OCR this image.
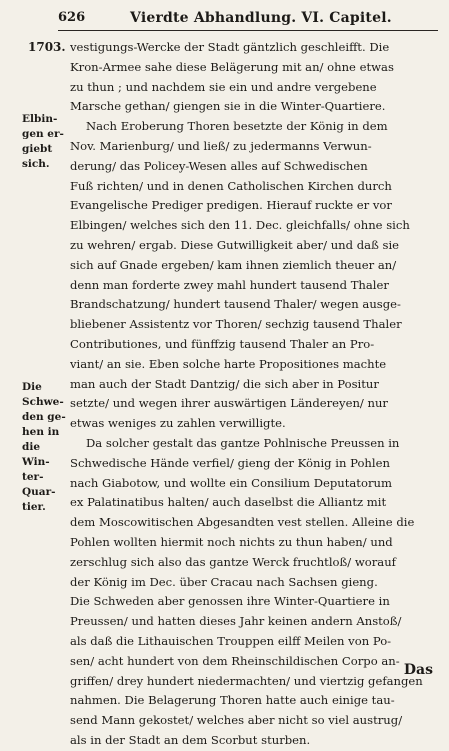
626	Vierdte Abhandlung. VI. Capitel.
1703.
Elbin-
gen er-
giebt
sich.
Die
Schwe-
den ge-
hen in
die Win-
ter-
Quar-
tier.
vestigungs-Wercke der Stadt gäntzlich geschleifft. Die
Kron-Armee sahe diese Belägerung mit an/ ohne etwas
zu thun ; und nachdem sie ein und andre vergebene
Marsche gethan/ giengen sie in die Winter-Quartiere.
Nach Eroberung Thoren besetzte der König in dem
Nov. Marienburg/ und ließ/ zu jedermanns Verwun-
derung/ das Policey-Wesen alles auf Schwedischen
Fuß richten/ und in denen Catholischen Kirchen durch
Evangelische Prediger predigen. Hierauf ruckte er vor
Elbingen/ welches sich den 11. Dec. gleichfalls/ ohne sich
zu wehren/ ergab. Diese Gutwilligkeit aber/ und daß sie
sich auf Gnade ergeben/ kam ihnen ziemlich theuer an/
denn man forderte zwey mahl hundert tausend Thaler
Brandschatzung/ hundert tausend Thaler/ wegen ausge-
bliebener Assistentz vor Thoren/ sechzig tausend Thaler
Contributiones, und fünffzig tausend Thaler an Pro-
viant/ an sie. Eben solche harte Propositiones machte
man auch der Stadt Dantzig/ die sich aber in Positur
setzte/ und wegen ihrer auswärtigen Ländereyen/ nur
etwas weniges zu zahlen verwilligte.
Da solcher gestalt das gantze Pohlnische Preussen in
Schwedische Hände verfiel/ gieng der König in Pohlen
nach Giabotow, und wollte ein Consilium Deputatorum
ex Palatinatibus halten/ auch daselbst die Alliantz mit
dem Moscowitischen Abgesandten vest stellen. Alleine die
Pohlen wollten hiermit noch nichts zu thun haben/ und
zerschlug sich also das gantze Werck fruchtloß/ worauf
der König im Dec. über Cracau nach Sachsen gieng.
Die Schweden aber genossen ihre Winter-Quartiere in
Preussen/ und hatten dieses Jahr keinen andern Anstoß/
als daß die Lithauischen Trouppen eilff Meilen von Po-
sen/ acht hundert von dem Rheinschildischen Corpo an-
griffen/ drey hundert niedermachten/ und viertzig gefangen
nahmen. Die Belagerung Thoren hatte auch einige tau-
send Mann gekostet/ welches aber nicht so viel austrug/
als in der Stadt an dem Scorbut sturben.
Das
